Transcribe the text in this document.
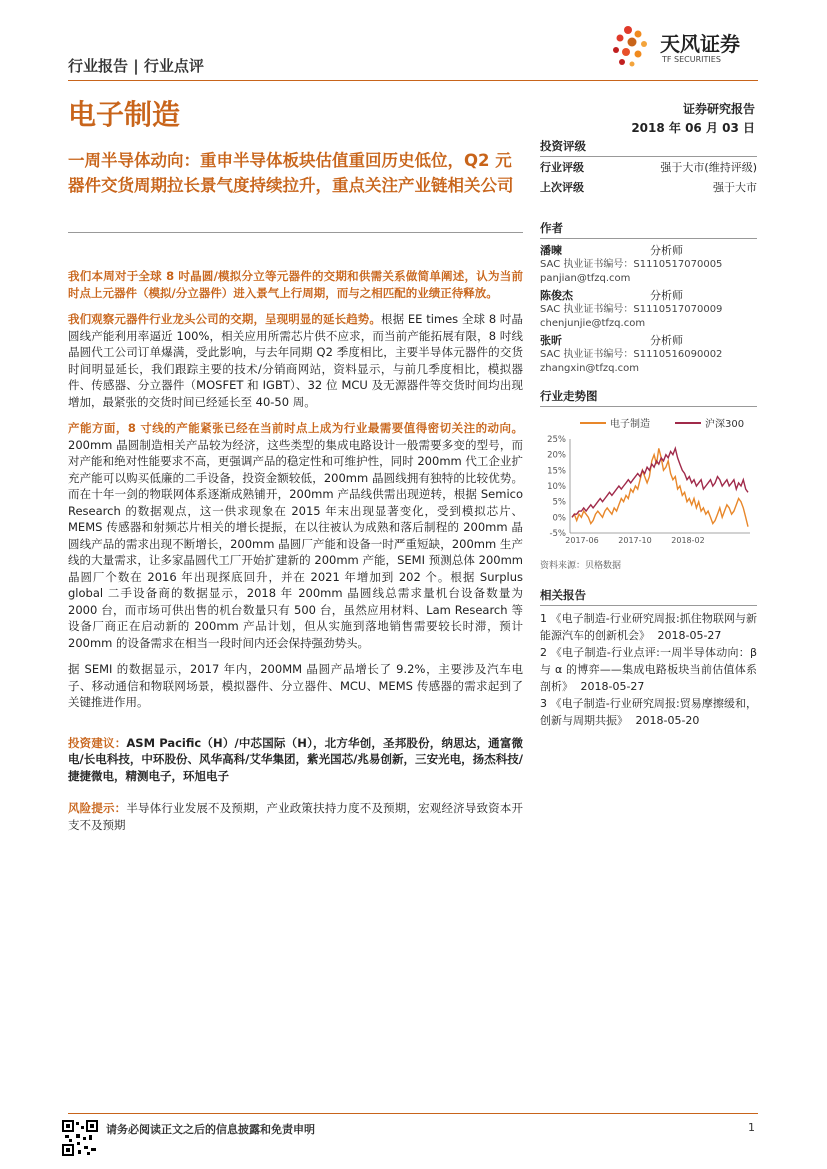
行业报告 | 行业点评
电子制造
天风证券
TF SECURITIES
证券研究报告
2018 年 06 月 03 日
一周半导体动向：重申半导体板块估值重回历史低位，Q2 元器件交货周期拉长景气度持续拉升，重点关注产业链相关公司

我们本周对于全球 8 吋晶圆/模拟分立等元器件的交期和供需关系做简单阐述，认为当前时点上元器件（模拟/分立器件）进入景气上行周期，而与之相匹配的业绩正待释放。

我们观察元器件行业龙头公司的交期，呈现明显的延长趋势。根据 EE times 全球 8 吋晶圆线产能利用率逼近 100%，相关应用所需芯片供不应求，而当前产能拓展有限，8 吋线晶圆代工公司订单爆满，受此影响，与去年同期 Q2 季度相比，主要半导体元器件的交货时间明显延长，我们跟踪主要的技术/分销商网站，资料显示，与前几季度相比，模拟器件、传感器、分立器件（MOSFET 和 IGBT）、32 位 MCU 及无源器件等交货时间均出现增加，最紧张的交货时间已经延长至 40-50 周。

产能方面，8 寸线的产能紧张已经在当前时点上成为行业最需要值得密切关注的动向。200mm 晶圆制造相关产品较为经济，这些类型的集成电路设计一般需要多变的型号，而对产能和绝对性能要求不高，更强调产品的稳定性和可维护性，同时 200mm 代工企业扩充产能可以购买低廉的二手设备，投资金额较低，200mm 晶圆线拥有独特的比较优势。而在十年一剑的物联网体系逐渐成熟铺开，200mm 产品线供需出现逆转，根据 Semico Research 的数据观点，这一供求现象在 2015 年末出现显著变化，受到模拟芯片、MEMS 传感器和射频芯片相关的增长提振，在以往被认为成熟和落后制程的 200mm 晶圆线产品的需求出现不断增长，200mm 晶圆厂产能和设备一时严重短缺，200mm 生产线的大量需求，让多家晶圆代工厂开始扩建新的 200mm 产能，SEMI 预测总体 200mm 晶圆厂个数在 2016 年出现探底回升，并在 2021 年增加到 202 个。根据 Surplus global 二手设备商的数据显示，2018 年 200mm 晶圆线总需求量机台设备数量为 2000 台，而市场可供出售的机台数量只有 500 台，虽然应用材料、Lam Research 等设备厂商正在启动新的 200mm 产品计划，但从实施到落地销售需要较长时滞，预计 200mm 的设备需求在相当一段时间内还会保持强劲势头。

据 SEMI 的数据显示，2017 年内，200MM 晶圆产品增长了 9.2%，主要涉及汽车电子、移动通信和物联网场景，模拟器件、分立器件、MCU、MEMS 传感器的需求起到了关键推进作用。

投资建议：ASM Pacific（H）/中芯国际（H），北方华创，圣邦股份，纳思达，通富微电/长电科技，中环股份、风华高科/艾华集团，紫光国芯/兆易创新，三安光电，扬杰科技/捷捷微电，精测电子，环旭电子

风险提示：半导体行业发展不及预期，产业政策扶持力度不及预期，宏观经济导致资本开支不及预期

投资评级
行业评级	强于大市(维持评级)
上次评级	强于大市
作者
潘暕	分析师
SAC 执业证书编号：S1110517070005
panjian@tfzq.com
陈俊杰	分析师
SAC 执业证书编号：S1110517070009
chenjunjie@tfzq.com
张昕	分析师
SAC 执业证书编号：S1110516090002
zhangxin@tfzq.com
行业走势图
电子制造	沪深300
25%
20%
15%
10%
5%
0%
-5%
2017-06 2017-10 2018-02
资料来源：贝格数据
相关报告
1 《电子制造-行业研究周报:抓住物联网与新能源汽车的创新机会》 2018-05-27
2 《电子制造-行业点评:一周半导体动向：β 与 α 的博弈——集成电路板块当前估值体系剖析》 2018-05-27
3 《电子制造-行业研究周报:贸易摩擦缓和，创新与周期共振》 2018-05-20
请务必阅读正文之后的信息披露和免责申明	1
